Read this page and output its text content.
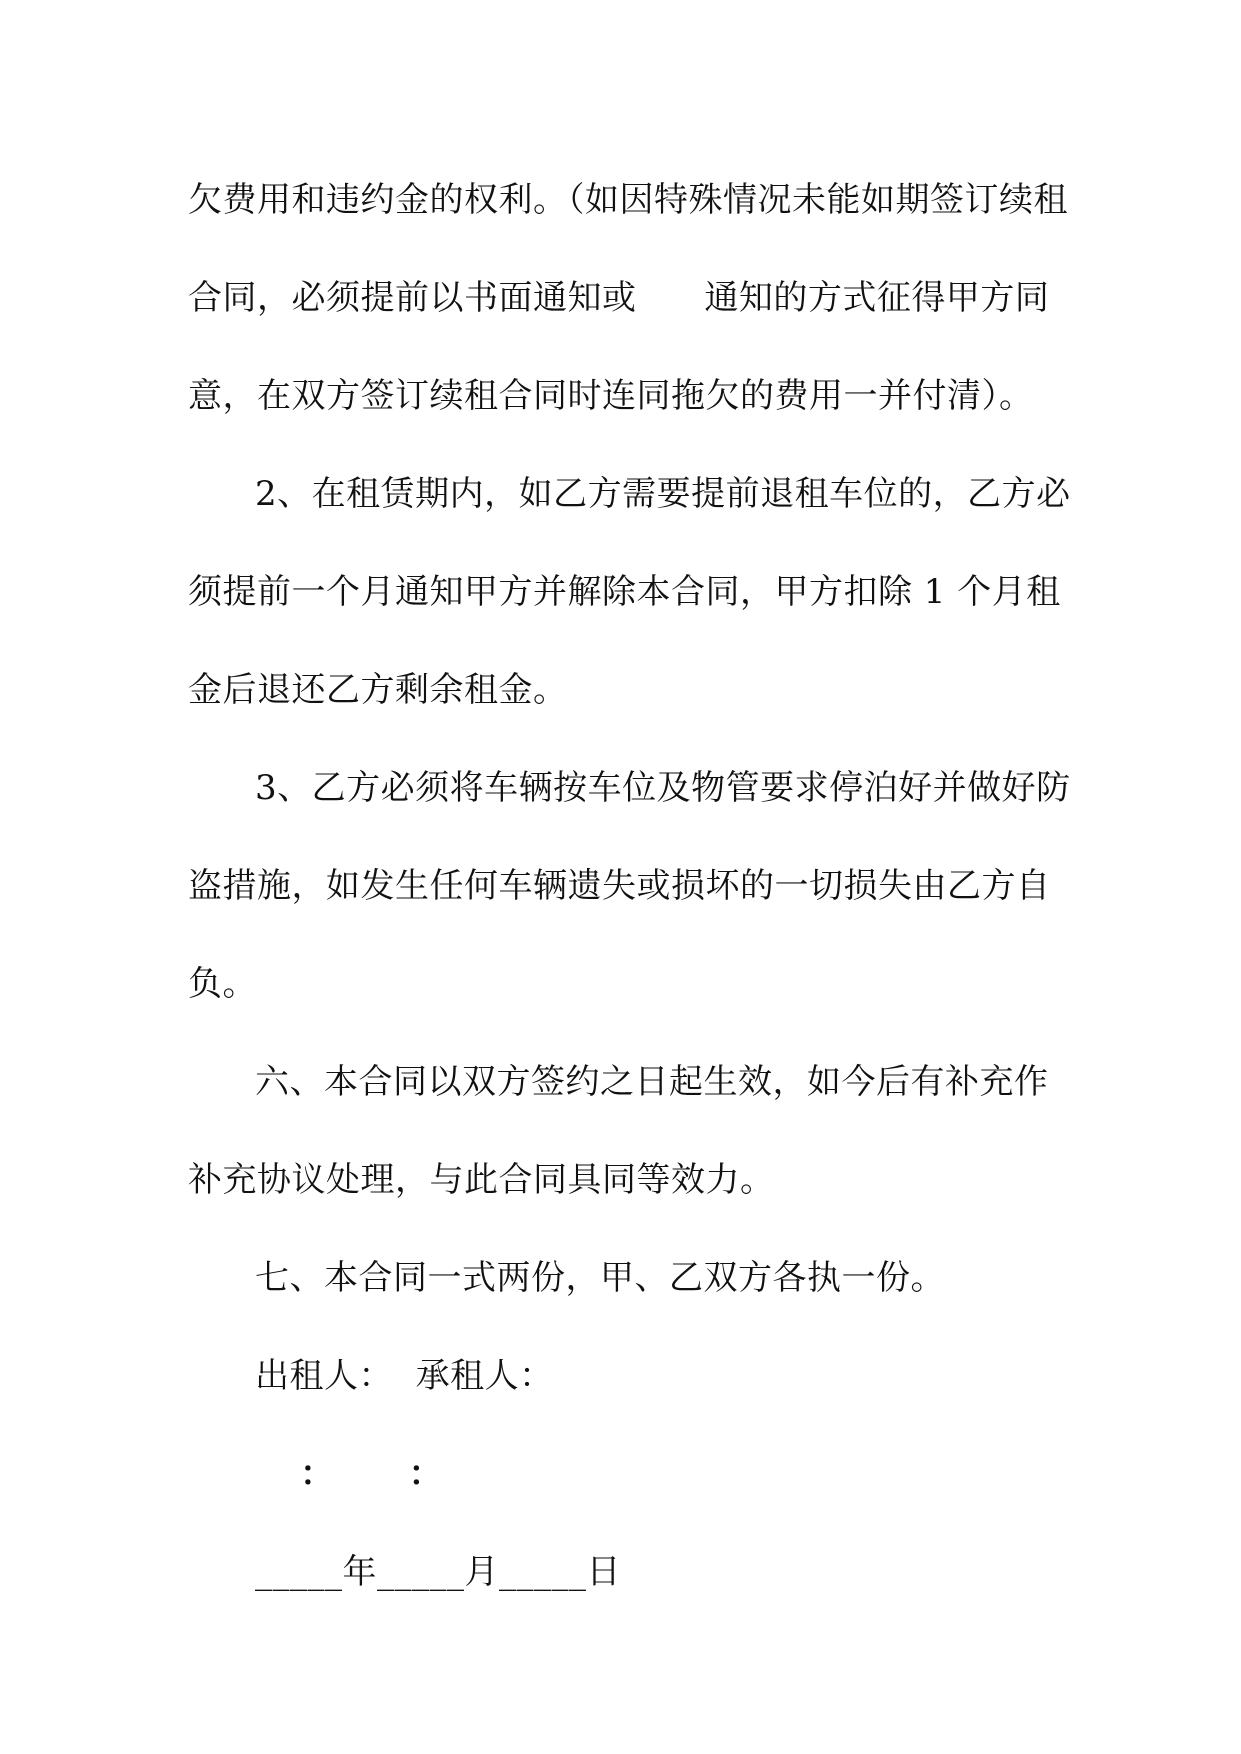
欠费用和违约金的权利。（如因特殊情况未能如期签订续租
合同，必须提前以书面通知或      通知的方式征得甲方同
意，在双方签订续租合同时连同拖欠的费用一并付清）。
2、在租赁期内，如乙方需要提前退租车位的，乙方必
须提前一个月通知甲方并解除本合同，甲方扣除 1 个月租
金后退还乙方剩余租金。
3、乙方必须将车辆按车位及物管要求停泊好并做好防
盗措施，如发生任何车辆遗失或损坏的一切损失由乙方自
负。
六、本合同以双方签约之日起生效，如今后有补充作
补充协议处理，与此合同具同等效力。
七、本合同一式两份，甲、乙双方各执一份。
出租人：  承租人：
：      ：
_____年_____月_____日
